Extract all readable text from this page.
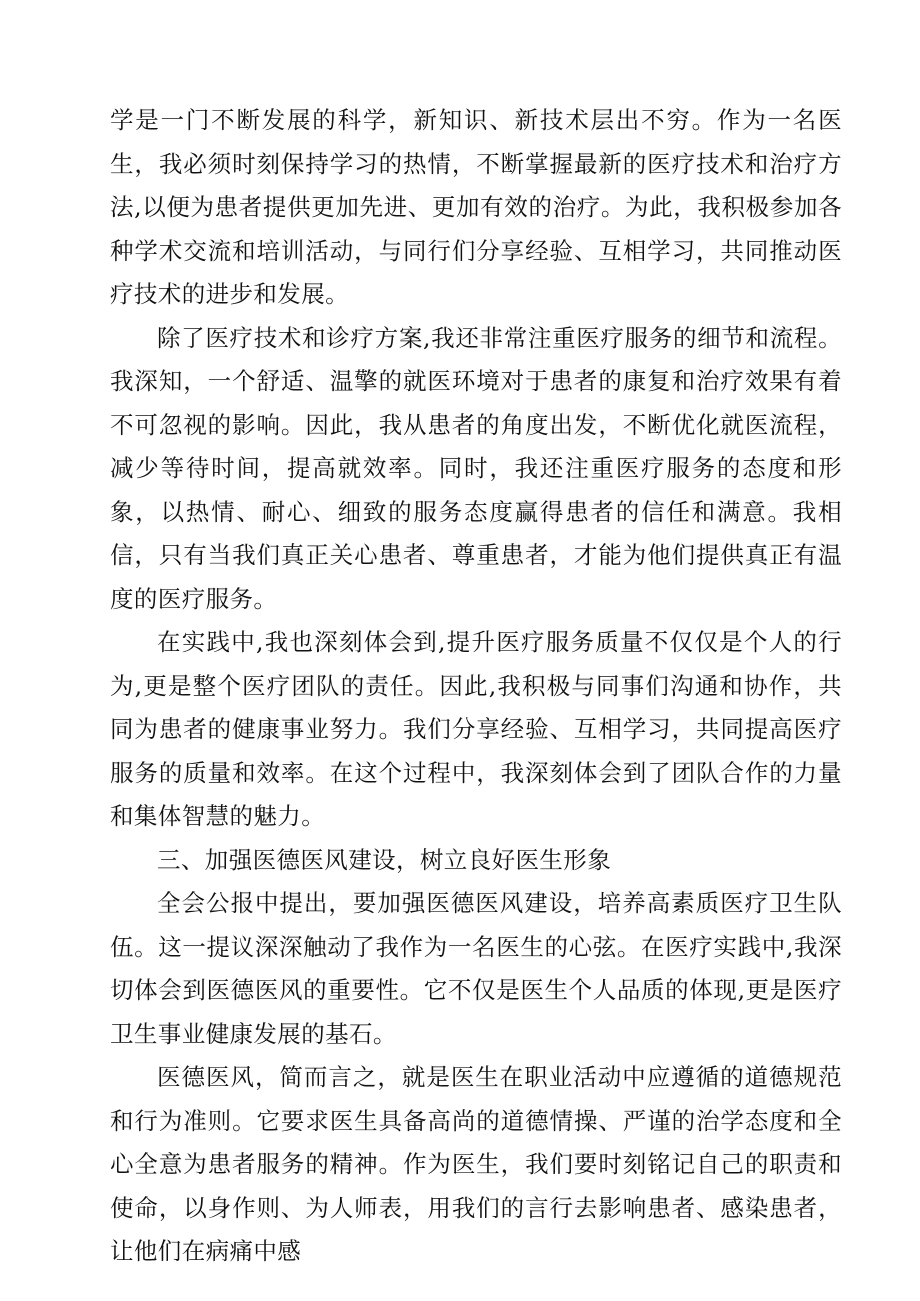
学是一门不断发展的科学，新知识、新技术层出不穷。作为一名医生，我必须时刻保持学习的热情，不断掌握最新的医疗技术和治疗方法,以便为患者提供更加先进、更加有效的治疗。为此，我积极参加各种学术交流和培训活动，与同行们分享经验、互相学习，共同推动医疗技术的进步和发展。

除了医疗技术和诊疗方案,我还非常注重医疗服务的细节和流程。我深知，一个舒适、温擎的就医环境对于患者的康复和治疗效果有着不可忽视的影响。因此，我从患者的角度出发，不断优化就医流程，减少等待时间，提高就效率。同时，我还注重医疗服务的态度和形象，以热情、耐心、细致的服务态度赢得患者的信任和满意。我相信，只有当我们真正关心患者、尊重患者，才能为他们提供真正有温度的医疗服务。

在实践中,我也深刻体会到,提升医疗服务质量不仅仅是个人的行为,更是整个医疗团队的责任。因此,我积极与同事们沟通和协作，共同为患者的健康事业努力。我们分享经验、互相学习，共同提高医疗服务的质量和效率。在这个过程中，我深刻体会到了团队合作的力量和集体智慧的魅力。

三、加强医德医风建设，树立良好医生形象

全会公报中提出，要加强医德医风建设，培养高素质医疗卫生队伍。这一提议深深触动了我作为一名医生的心弦。在医疗实践中,我深切体会到医德医风的重要性。它不仅是医生个人品质的体现,更是医疗卫生事业健康发展的基石。

医德医风，简而言之，就是医生在职业活动中应遵循的道德规范和行为准则。它要求医生具备高尚的道德情操、严谨的治学态度和全心全意为患者服务的精神。作为医生，我们要时刻铭记自己的职责和使命，以身作则、为人师表，用我们的言行去影响患者、感染患者，让他们在病痛中感
